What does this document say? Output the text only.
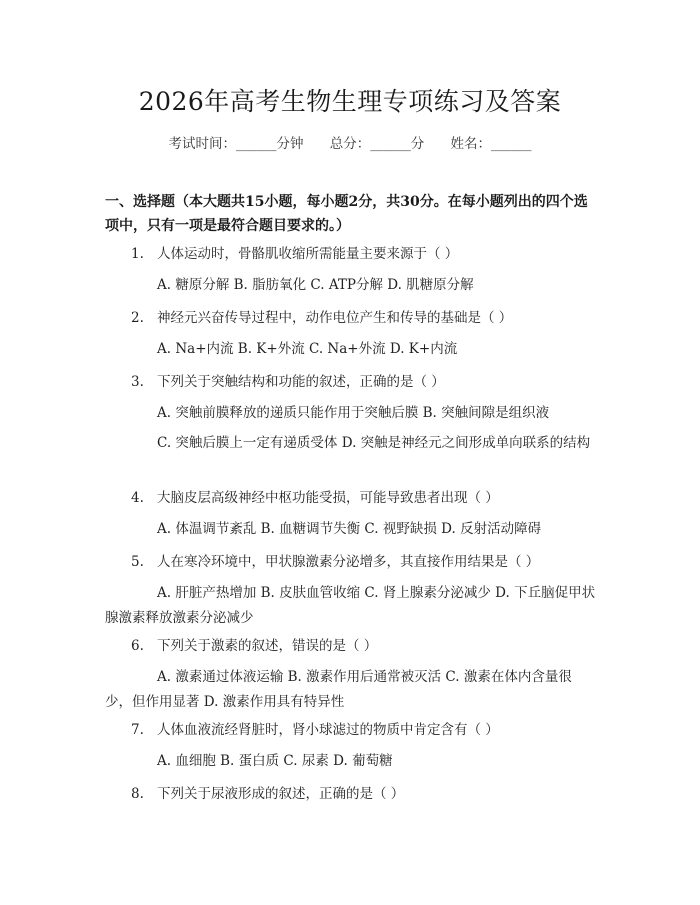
2026年高考生物生理专项练习及答案
考试时间：______分钟 总分：______分 姓名：______
一、选择题（本大题共15小题，每小题2分，共30分。在每小题列出的四个选项中，只有一项是最符合题目要求的。）
1. 人体运动时，骨骼肌收缩所需能量主要来源于（ ）
A. 糖原分解 B. 脂肪氧化 C. ATP分解 D. 肌糖原分解
2. 神经元兴奋传导过程中，动作电位产生和传导的基础是（ ）
A. Na+内流 B. K+外流 C. Na+外流 D. K+内流
3. 下列关于突触结构和功能的叙述，正确的是（ ）
A. 突触前膜释放的递质只能作用于突触后膜 B. 突触间隙是组织液
C. 突触后膜上一定有递质受体 D. 突触是神经元之间形成单向联系的结构
4. 大脑皮层高级神经中枢功能受损，可能导致患者出现（ ）
A. 体温调节紊乱 B. 血糖调节失衡 C. 视野缺损 D. 反射活动障碍
5. 人在寒冷环境中，甲状腺激素分泌增多，其直接作用结果是（ ）
A. 肝脏产热增加 B. 皮肤血管收缩 C. 肾上腺素分泌减少 D. 下丘脑促甲状腺激素释放激素分泌减少
6. 下列关于激素的叙述，错误的是（ ）
A. 激素通过体液运输 B. 激素作用后通常被灭活 C. 激素在体内含量很少，但作用显著 D. 激素作用具有特异性
7. 人体血液流经肾脏时，肾小球滤过的物质中肯定含有（ ）
A. 血细胞 B. 蛋白质 C. 尿素 D. 葡萄糖
8. 下列关于尿液形成的叙述，正确的是（ ）
